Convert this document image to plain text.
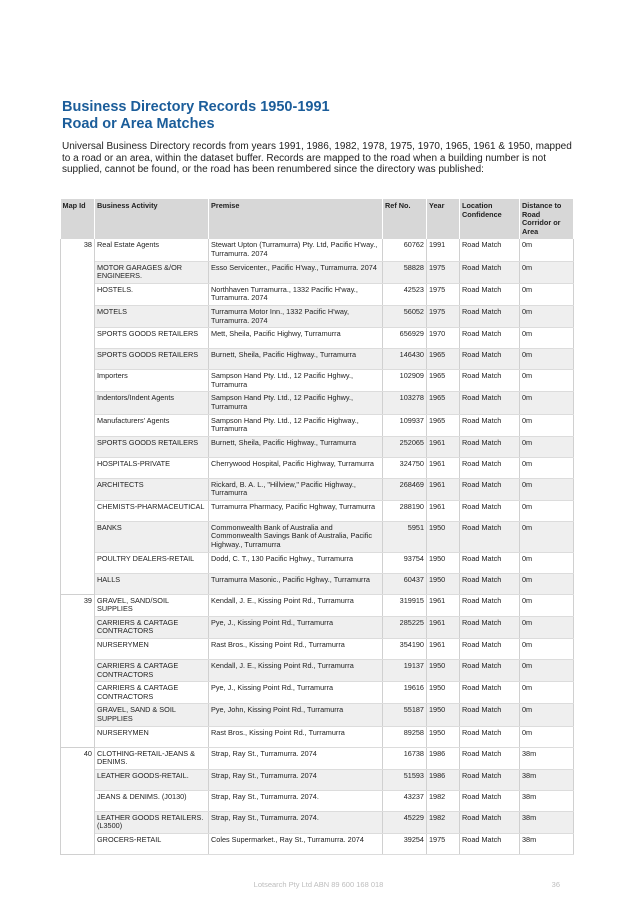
Business Directory Records 1950-1991
Road or Area Matches

Universal Business Directory records from years 1991, 1986, 1982, 1978, 1975, 1970, 1965, 1961 & 1950, mapped to a road or an area, within the dataset buffer. Records are mapped to the road when a building number is not supplied, cannot be found, or the road has been renumbered since the directory was published:

Map Id	Business Activity	Premise	Ref No.	Year	Location Confidence	Distance to Road Corridor or Area
38	Real Estate Agents	Stewart Upton (Turramurra) Pty. Ltd, Pacific H'way., Turramurra. 2074	60762	1991	Road Match	0m
	MOTOR GARAGES &/OR ENGINEERS.	Esso Servicenter., Pacific H'way., Turramurra. 2074	58828	1975	Road Match	0m
	HOSTELS.	Northhaven Turramurra., 1332 Pacific H'way., Turramurra. 2074	42523	1975	Road Match	0m
	MOTELS	Turramurra Motor Inn., 1332 Pacific H'way, Turramurra. 2074	56052	1975	Road Match	0m
	SPORTS GOODS RETAILERS	Mett, Sheila, Pacific Highwy, Turramurra	656929	1970	Road Match	0m
	SPORTS GOODS RETAILERS	Burnett, Sheila, Pacific Highway., Turramurra	146430	1965	Road Match	0m
	Importers	Sampson Hand Pty. Ltd., 12 Pacific Hghwy., Turramurra	102909	1965	Road Match	0m
	Indentors/Indent Agents	Sampson Hand Pty. Ltd., 12 Pacific Hghwy., Turramurra	103278	1965	Road Match	0m
	Manufacturers' Agents	Sampson Hand Pty. Ltd., 12 Pacific Highway., Turramurra	109937	1965	Road Match	0m
	SPORTS GOODS RETAILERS	Burnett, Sheila, Pacific Highway., Turramurra	252065	1961	Road Match	0m
	HOSPITALS-PRIVATE	Cherrywood Hospital, Pacific Highway, Turramurra	324750	1961	Road Match	0m
	ARCHITECTS	Rickard, B. A. L., "Hillview," Pacific Highway., Turramurra	268469	1961	Road Match	0m
	CHEMISTS-PHARMACEUTICAL	Turramurra Pharmacy, Pacific Hghway, Turramurra	288190	1961	Road Match	0m
	BANKS	Commonwealth Bank of Australia and Commonwealth Savings Bank of Australia, Pacific Highway., Turramurra	5951	1950	Road Match	0m
	POULTRY DEALERS-RETAIL	Dodd, C. T., 130 Pacific Hghwy., Turramurra	93754	1950	Road Match	0m
	HALLS	Turramurra Masonic., Pacific Hghwy., Turramurra	60437	1950	Road Match	0m
39	GRAVEL, SAND/SOIL SUPPLIES	Kendall, J. E., Kissing Point Rd., Turramurra	319915	1961	Road Match	0m
	CARRIERS & CARTAGE CONTRACTORS	Pye, J., Kissing Point Rd., Turramurra	285225	1961	Road Match	0m
	NURSERYMEN	Rast Bros., Kissing Point Rd., Turramurra	354190	1961	Road Match	0m
	CARRIERS & CARTAGE CONTRACTORS	Kendall, J. E., Kissing Point Rd., Turramurra	19137	1950	Road Match	0m
	CARRIERS & CARTAGE CONTRACTORS	Pye, J., Kissing Point Rd., Turramurra	19616	1950	Road Match	0m
	GRAVEL, SAND & SOIL SUPPLIES	Pye, John, Kissing Point Rd., Turramurra	55187	1950	Road Match	0m
	NURSERYMEN	Rast Bros., Kissing Point Rd., Turramurra	89258	1950	Road Match	0m
40	CLOTHING-RETAIL-JEANS & DENIMS.	Strap, Ray St., Turramurra. 2074	16738	1986	Road Match	38m
	LEATHER GOODS-RETAIL.	Strap, Ray St., Turramurra. 2074	51593	1986	Road Match	38m
	JEANS & DENIMS. (J0130)	Strap, Ray St., Turramurra. 2074.	43237	1982	Road Match	38m
	LEATHER GOODS RETAILERS. (L3500)	Strap, Ray St., Turramurra. 2074.	45229	1982	Road Match	38m
	GROCERS-RETAIL	Coles Supermarket., Ray St., Turramurra. 2074	39254	1975	Road Match	38m
Lotsearch Pty Ltd ABN 89 600 168 018	36
